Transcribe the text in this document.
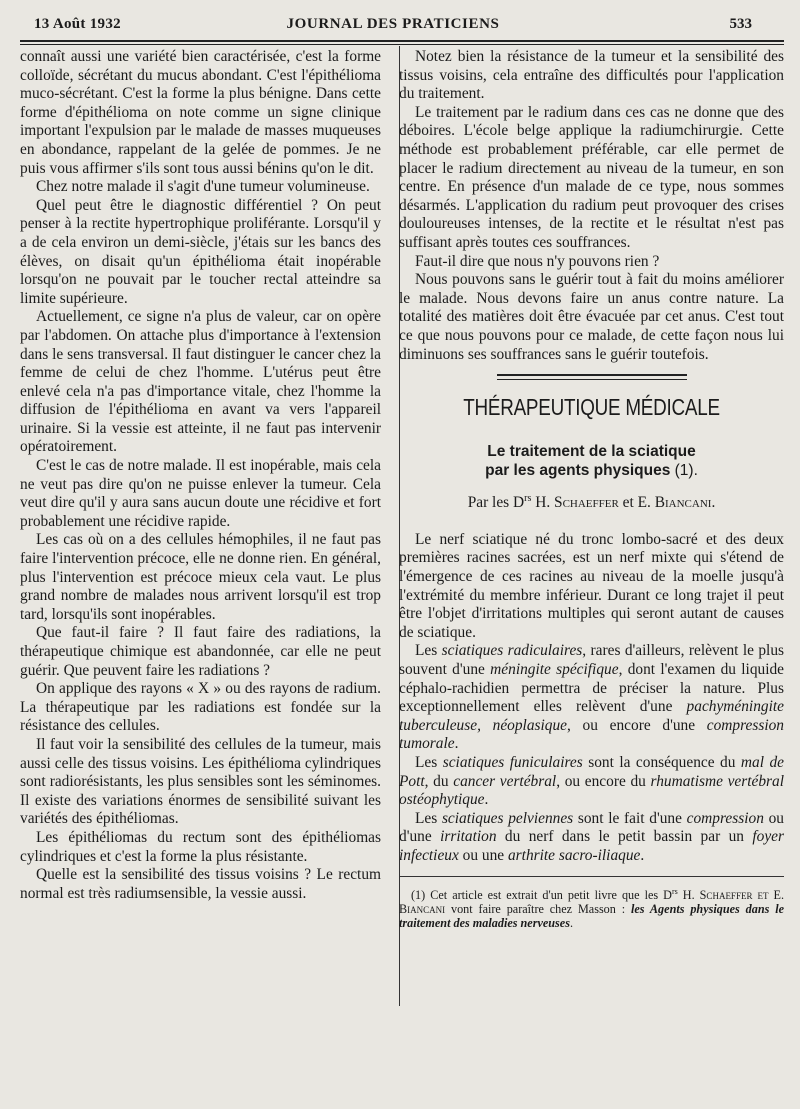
13 Août 1932	JOURNAL DES PRATICIENS	533

connaît aussi une variété bien caractérisée, c'est la forme colloïde, sécrétant du mucus abondant. C'est l'épithélioma muco-sécrétant. C'est la forme la plus bénigne. Dans cette forme d'épithélioma on note comme un signe clinique important l'expulsion par le malade de masses muqueuses en abondance, rappelant de la gelée de pommes. Je ne puis vous affirmer s'ils sont tous aussi bénins qu'on le dit.

Chez notre malade il s'agit d'une tumeur volumineuse.

Quel peut être le diagnostic différentiel ? On peut penser à la rectite hypertrophique proliférante. Lorsqu'il y a de cela environ un demi-siècle, j'étais sur les bancs des élèves, on disait qu'un épithélioma était inopérable lorsqu'on ne pouvait par le toucher rectal atteindre sa limite supérieure.

Actuellement, ce signe n'a plus de valeur, car on opère par l'abdomen. On attache plus d'importance à l'extension dans le sens transversal. Il faut distinguer le cancer chez la femme de celui de chez l'homme. L'utérus peut être enlevé cela n'a pas d'importance vitale, chez l'homme la diffusion de l'épithélioma en avant va vers l'appareil urinaire. Si la vessie est atteinte, il ne faut pas intervenir opératoirement.

C'est le cas de notre malade. Il est inopérable, mais cela ne veut pas dire qu'on ne puisse enlever la tumeur. Cela veut dire qu'il y aura sans aucun doute une récidive et fort probablement une récidive rapide.

Les cas où on a des cellules hémophiles, il ne faut pas faire l'intervention précoce, elle ne donne rien. En général, plus l'intervention est précoce mieux cela vaut. Le plus grand nombre de malades nous arrivent lorsqu'il est trop tard, lorsqu'ils sont inopérables.

Que faut-il faire ? Il faut faire des radiations, la thérapeutique chimique est abandonnée, car elle ne peut guérir. Que peuvent faire les radiations ?

On applique des rayons « X » ou des rayons de radium. La thérapeutique par les radiations est fondée sur la résistance des cellules.

Il faut voir la sensibilité des cellules de la tumeur, mais aussi celle des tissus voisins. Les épithélioma cylindriques sont radiorésistants, les plus sensibles sont les séminomes. Il existe des variations énormes de sensibilité suivant les variétés des épithéliomas.

Les épithéliomas du rectum sont des épithéliomas cylindriques et c'est la forme la plus résistante.

Quelle est la sensibilité des tissus voisins ? Le rectum normal est très radiumsensible, la vessie aussi.

Notez bien la résistance de la tumeur et la sensibilité des tissus voisins, cela entraîne des difficultés pour l'application du traitement.

Le traitement par le radium dans ces cas ne donne que des déboires. L'école belge applique la radiumchirurgie. Cette méthode est probablement préférable, car elle permet de placer le radium directement au niveau de la tumeur, en son centre. En présence d'un malade de ce type, nous sommes désarmés. L'application du radium peut provoquer des crises douloureuses intenses, de la rectite et le résultat n'est pas suffisant après toutes ces souffrances.

Faut-il dire que nous n'y pouvons rien ?

Nous pouvons sans le guérir tout à fait du moins améliorer le malade. Nous devons faire un anus contre nature. La totalité des matières doit être évacuée par cet anus. C'est tout ce que nous pouvons pour ce malade, de cette façon nous lui diminuons ses souffrances sans le guérir toutefois.

THÉRAPEUTIQUE MÉDICALE
Le traitement de la sciatique
par les agents physiques (1).
Par les $D^{rs}$ H. Schaeffer et E. Biancani.

Le nerf sciatique né du tronc lombo-sacré et des deux premières racines sacrées, est un nerf mixte qui s'étend de l'émergence de ces racines au niveau de la moelle jusqu'à l'extrémité du membre inférieur. Durant ce long trajet il peut être l'objet d'irritations multiples qui seront autant de causes de sciatique.

Les sciatiques radiculaires, rares d'ailleurs, relèvent le plus souvent d'une méningite spécifique, dont l'examen du liquide céphalo-rachidien permettra de préciser la nature. Plus exceptionnellement elles relèvent d'une pachyméningite tuberculeuse, néoplasique, ou encore d'une compression tumorale.

Les sciatiques funiculaires sont la conséquence du mal de Pott, du cancer vertébral, ou encore du rhumatisme vertébral ostéophytique.

Les sciatiques pelviennes sont le fait d'une compression ou d'une irritation du nerf dans le petit bassin par un foyer infectieux ou une arthrite sacro-iliaque.

(1) Cet article est extrait d'un petit livre que les $D^{rs}$ H. Schaeffer et E. Biancani vont faire paraître chez Masson : les Agents physiques dans le traitement des maladies nerveuses.
